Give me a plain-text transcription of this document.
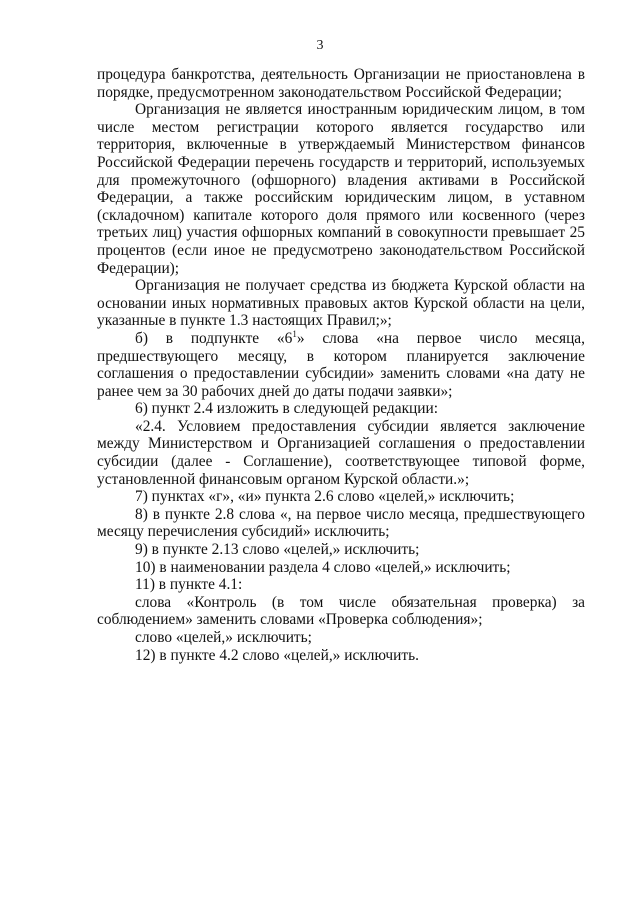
3

процедура банкротства, деятельность Организации не приостановлена в порядке, предусмотренном законодательством Российской Федерации;

Организация не является иностранным юридическим лицом, в том числе местом регистрации которого является государство или территория, включенные в утверждаемый Министерством финансов Российской Федерации перечень государств и территорий, используемых для промежуточного (офшорного) владения активами в Российской Федерации, а также российским юридическим лицом, в уставном (складочном) капитале которого доля прямого или косвенного (через третьих лиц) участия офшорных компаний в совокупности превышает 25 процентов (если иное не предусмотрено законодательством Российской Федерации);

Организация не получает средства из бюджета Курской области на основании иных нормативных правовых актов Курской области на цели, указанные в пункте 1.3 настоящих Правил;»;

б) в подпункте «$6^1$» слова «на первое число месяца, предшествующего месяцу, в котором планируется заключение соглашения о предоставлении субсидии» заменить словами «на дату не ранее чем за 30 рабочих дней до даты подачи заявки»;

6) пункт 2.4 изложить в следующей редакции:

«2.4. Условием предоставления субсидии является заключение между Министерством и Организацией соглашения о предоставлении субсидии (далее - Соглашение), соответствующее типовой форме, установленной финансовым органом Курской области.»;

7) пунктах «г», «и» пункта 2.6 слово «целей,» исключить;

8) в пункте 2.8 слова «, на первое число месяца, предшествующего месяцу перечисления субсидий» исключить;

9) в пункте 2.13 слово «целей,» исключить;

10) в наименовании раздела 4 слово «целей,» исключить;

11) в пункте 4.1:

слова «Контроль (в том числе обязательная проверка) за соблюдением» заменить словами «Проверка соблюдения»;

слово «целей,» исключить;

12) в пункте 4.2 слово «целей,» исключить.
